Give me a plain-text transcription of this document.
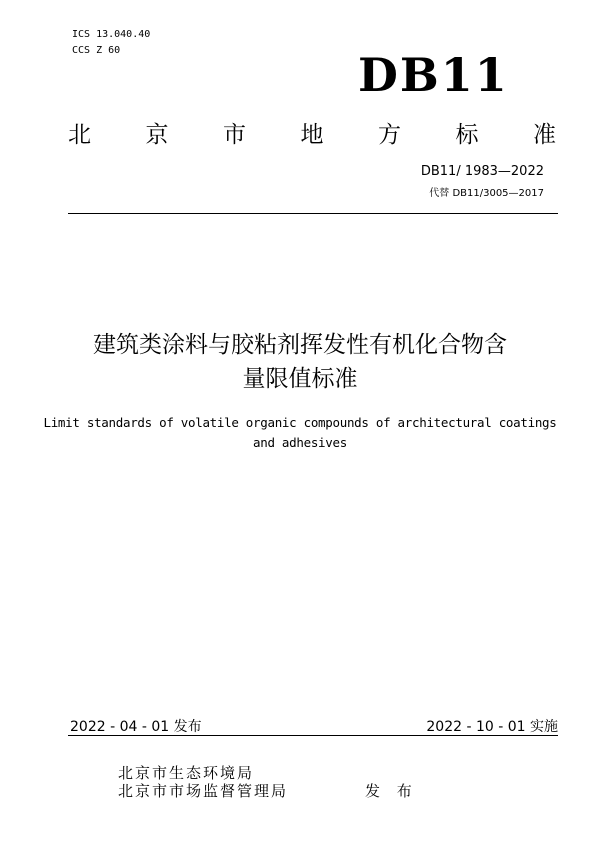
ICS 13.040.40
CCS Z 60	DB11
北 京 市 地 方 标 准
DB11/ 1983—2022
代替 DB11/3005—2017
建筑类涂料与胶粘剂挥发性有机化合物含
量限值标准
Limit standards of volatile organic compounds of architectural coatings
and adhesives
2022 - 04 - 01 发布	2022 - 10 - 01 实施
北京市生态环境局
北京市市场监督管理局	发 布
